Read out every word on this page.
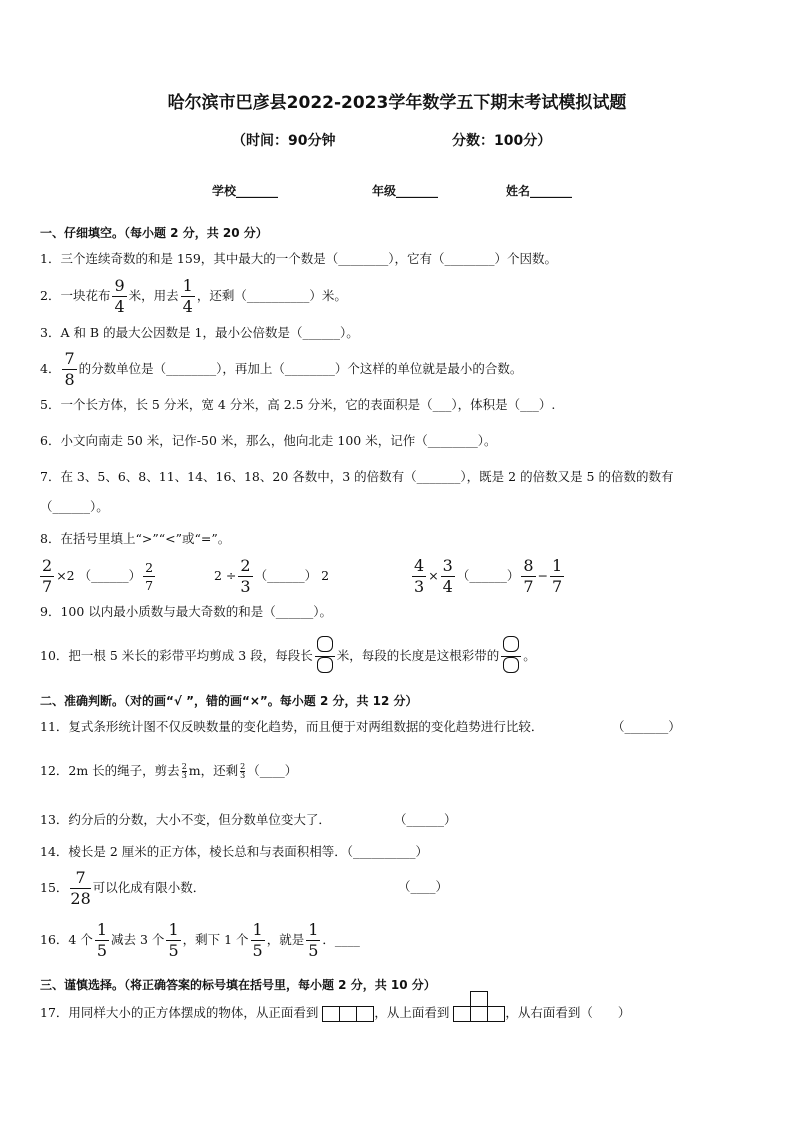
哈尔滨市巴彦县2022-2023学年数学五下期末考试模拟试题
（时间：90分钟	分数：100分）
学校_______	年级_______	姓名_______
一、仔细填空。（每小题 2 分，共 20 分）
1．三个连续奇数的和是 159，其中最大的一个数是（________），它有（________）个因数。
2．一块花布 $\frac{9}{4}$ 米，用去 $\frac{1}{4}$ ，还剩（__________）米。
3．A 和 B 的最大公因数是 1，最小公倍数是（______）。
4． $\frac{7}{8}$ 的分数单位是（________），再加上（________）个这样的单位就是最小的合数。
5．一个长方体，长 5 分米，宽 4 分米，高 2.5 分米，它的表面积是（___），体积是（___）.
6．小文向南走 50 米，记作-50 米，那么，他向北走 100 米，记作（________）。
7．在 3、5、6、8、11、14、16、18、20 各数中，3 的倍数有（_______），既是 2 的倍数又是 5 的倍数的数有
（______）。
8．在括号里填上“>”“<”或“=”。
$\frac{2}{7} \times 2$ （______） $\frac{2}{7}$	$2 \div \frac{2}{3}$ （______） 2	$\frac{4}{3} \times \frac{3}{4}$ （______） $\frac{8}{7} - \frac{1}{7}$
9．100 以内最小质数与最大奇数的和是（______）。
10．把一根 5 米长的彩带平均剪成 3 段，每段长 米，每段的长度是这根彩带的 。
二、准确判断。（对的画“√ ”，错的画“×”。每小题 2 分，共 12 分）
11．复式条形统计图不仅反映数量的变化趋势，而且便于对两组数据的变化趋势进行比较．	（_______）
12．2m 长的绳子，剪去 $\frac{2}{3}$ m，还剩 $\frac{2}{3}$ （____）
13．约分后的分数，大小不变，但分数单位变大了．	（______）
14．棱长是 2 厘米的正方体，棱长总和与表面积相等．（__________）
15． $\frac{7}{28}$ 可以化成有限小数．	（____）
16．4 个 $\frac{1}{5}$ 减去 3 个 $\frac{1}{5}$ ，剩下 1 个 $\frac{1}{5}$ ，就是 $\frac{1}{5}$ ．____
三、谨慎选择。（将正确答案的标号填在括号里，每小题 2 分，共 10 分）
17．用同样大小的正方体摆成的物体，从正面看到	，从上面看到	，从右面看到（　　）
